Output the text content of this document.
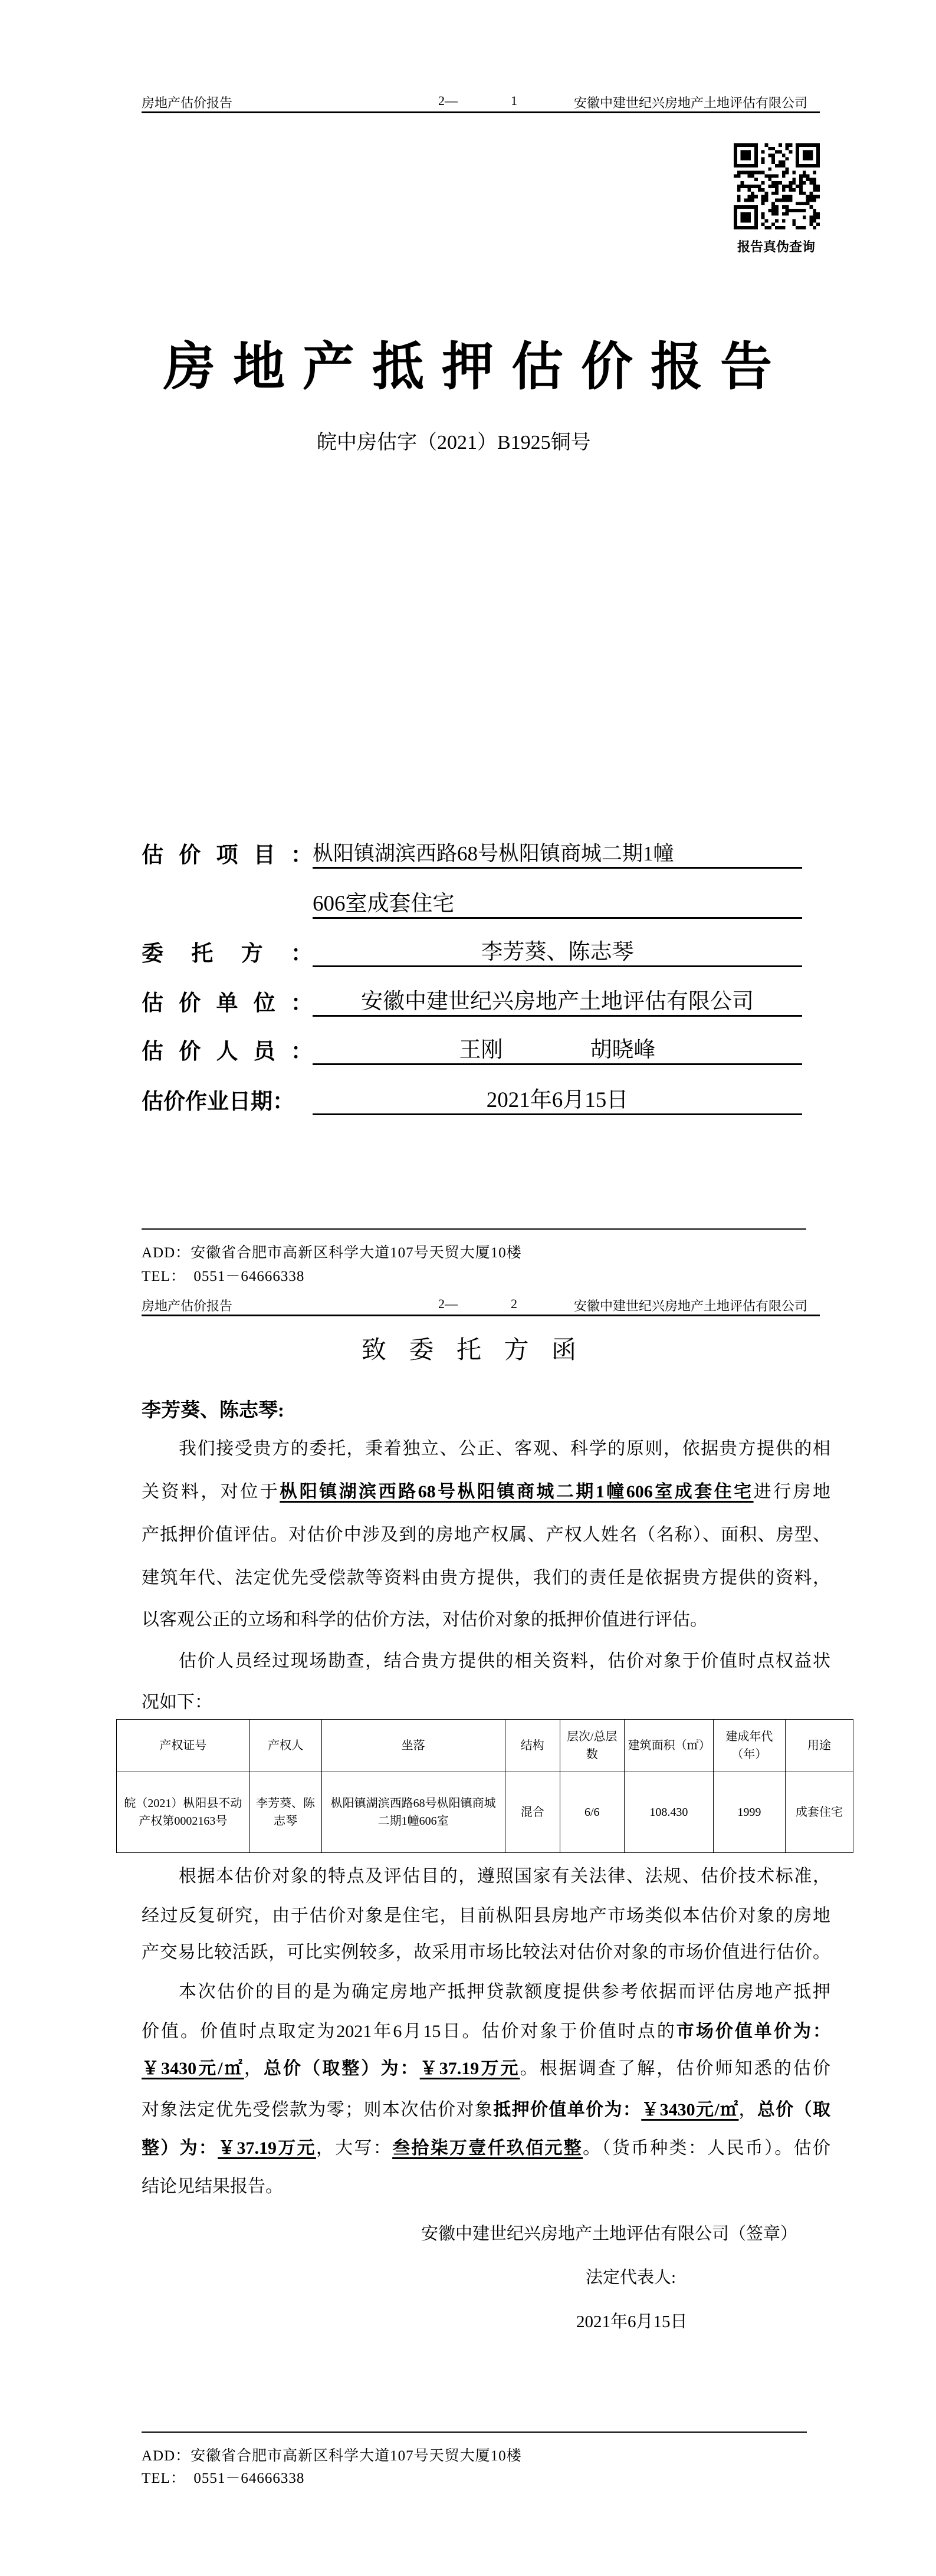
房地产估价报告	2—	1	安徽中建世纪兴房地产土地评估有限公司
报告真伪查询
房地产抵押估价报告
皖中房估字（2021）B1925铜号
估 价 项 目 ： 枞阳镇湖滨西路68号枞阳镇商城二期1幢
606室成套住宅
委 托 方 ：	李芳葵、陈志琴
估 价 单 位 ：	安徽中建世纪兴房地产土地评估有限公司
估 价 人 员 ：	王刚　　　　胡晓峰
估价作业日期：	2021年6月15日
ADD：安徽省合肥市高新区科学大道107号天贸大厦10楼
TEL：　0551－64666338
房地产估价报告	2—	2	安徽中建世纪兴房地产土地评估有限公司
致 委 托 方 函
李芳葵、陈志琴:
我们接受贵方的委托，秉着独立、公正、客观、科学的原则，依据贵方提供的相
关资料，对位于枞阳镇湖滨西路68号枞阳镇商城二期1幢606室成套住宅进行房地
产抵押价值评估。对估价中涉及到的房地产权属、产权人姓名（名称）、面积、房型、
建筑年代、法定优先受偿款等资料由贵方提供，我们的责任是依据贵方提供的资料，
以客观公正的立场和科学的估价方法，对估价对象的抵押价值进行评估。
估价人员经过现场勘查，结合贵方提供的相关资料，估价对象于价值时点权益状
况如下：
产权证号	产权人	坐落	结构	层次/总层数	建筑面积（㎡）	建成年代（年）	用途
皖（2021）枞阳县不动产权第0002163号	李芳葵、陈志琴	枞阳镇湖滨西路68号枞阳镇商城二期1幢606室	混合	6/6	108.430	1999	成套住宅
根据本估价对象的特点及评估目的，遵照国家有关法律、法规、估价技术标准，
经过反复研究，由于估价对象是住宅，目前枞阳县房地产市场类似本估价对象的房地
产交易比较活跃，可比实例较多，故采用市场比较法对估价对象的市场价值进行估价。
本次估价的目的是为确定房地产抵押贷款额度提供参考依据而评估房地产抵押
价值。价值时点取定为2021年6月15日。估价对象于价值时点的市场价值单价为：
￥3430元/㎡，总价（取整）为：￥37.19万元。根据调查了解，估价师知悉的估价
对象法定优先受偿款为零；则本次估价对象抵押价值单价为：￥3430元/㎡，总价（取
整）为：￥37.19万元，大写：叁拾柒万壹仟玖佰元整。（货币种类：人民币）。估价
结论见结果报告。
安徽中建世纪兴房地产土地评估有限公司（签章）
法定代表人:
2021年6月15日
ADD：安徽省合肥市高新区科学大道107号天贸大厦10楼
TEL：　0551－64666338
